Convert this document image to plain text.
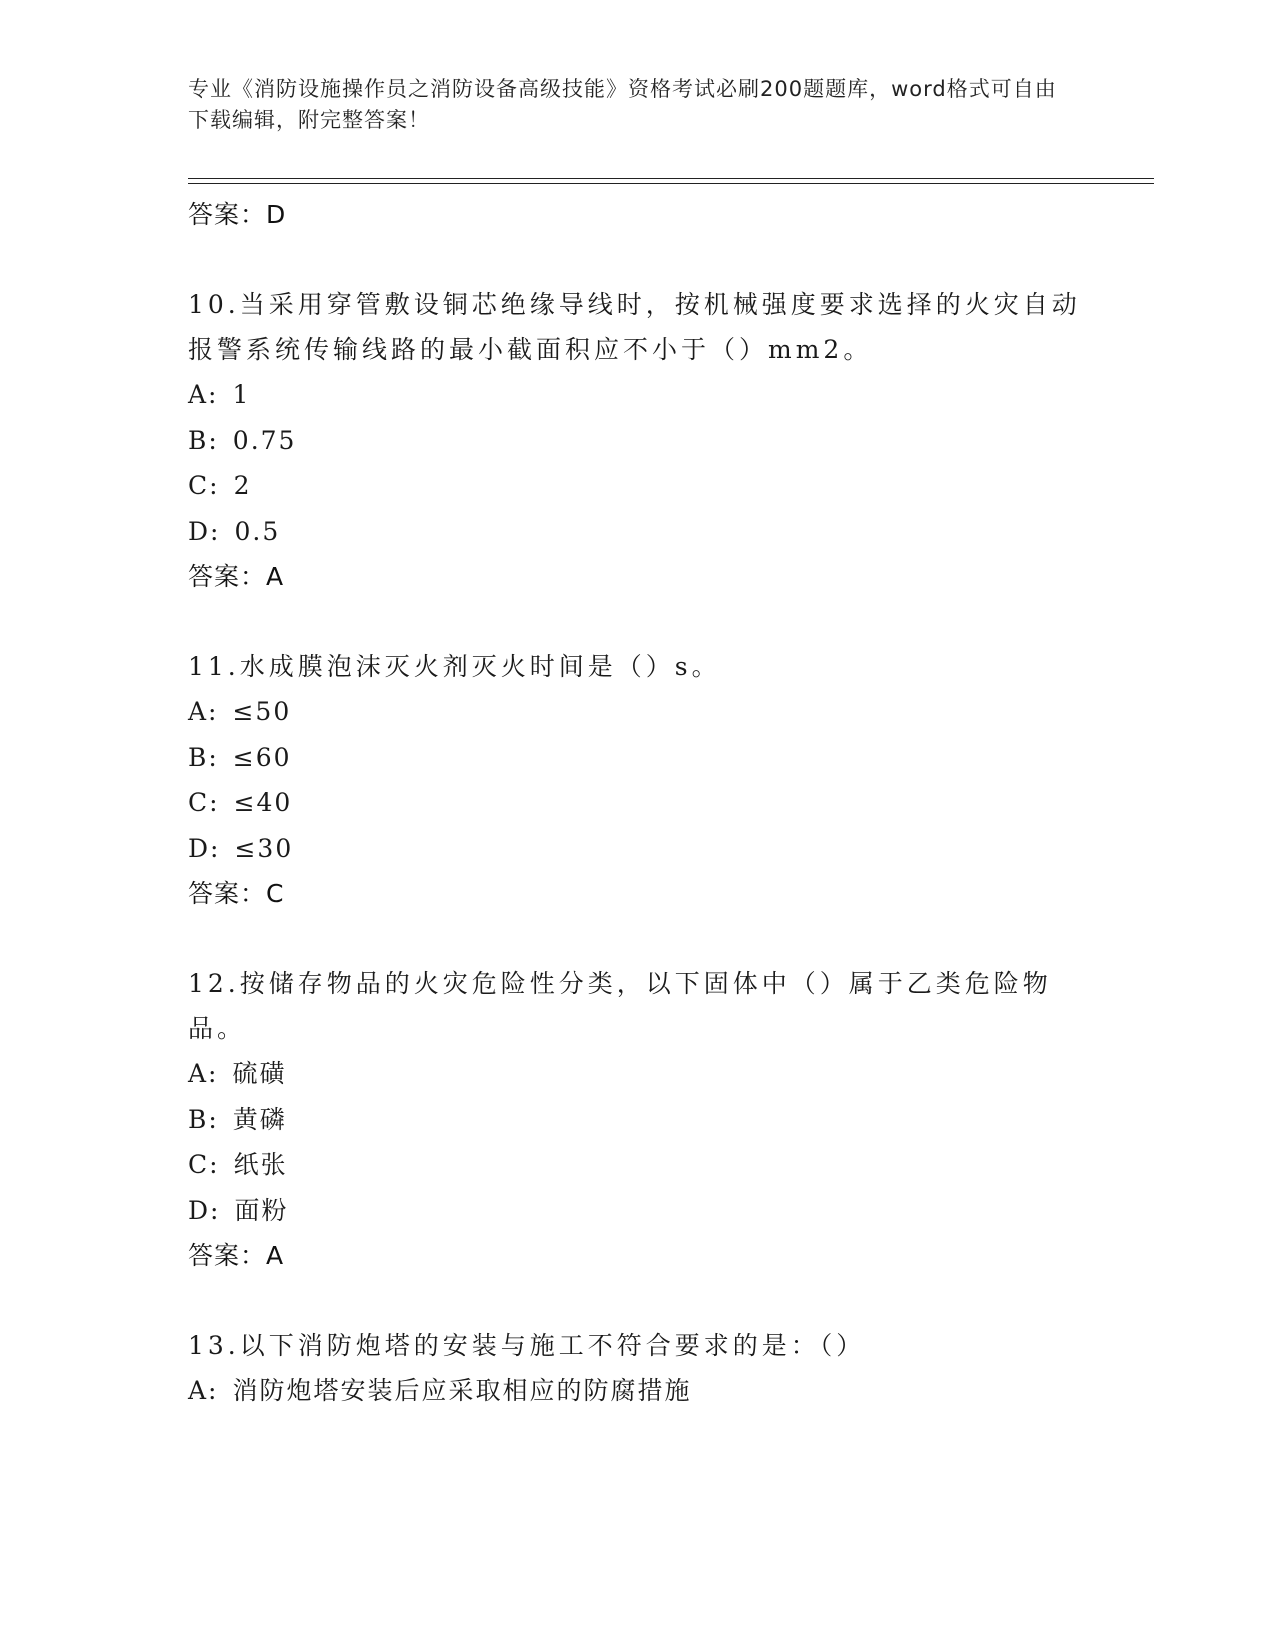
专业《消防设施操作员之消防设备高级技能》资格考试必刷200题题库，word格式可自由下载编辑，附完整答案！
答案：D
10.当采用穿管敷设铜芯绝缘导线时，按机械强度要求选择的火灾自动报警系统传输线路的最小截面积应不小于（）mm2。
A: 1
B: 0.75
C: 2
D: 0.5
答案：A
11.水成膜泡沫灭火剂灭火时间是（）s。
A: ≤50
B: ≤60
C: ≤40
D: ≤30
答案：C
12.按储存物品的火灾危险性分类，以下固体中（）属于乙类危险物品。
A: 硫磺
B: 黄磷
C: 纸张
D: 面粉
答案：A
13.以下消防炮塔的安装与施工不符合要求的是：（）
A: 消防炮塔安装后应采取相应的防腐措施
